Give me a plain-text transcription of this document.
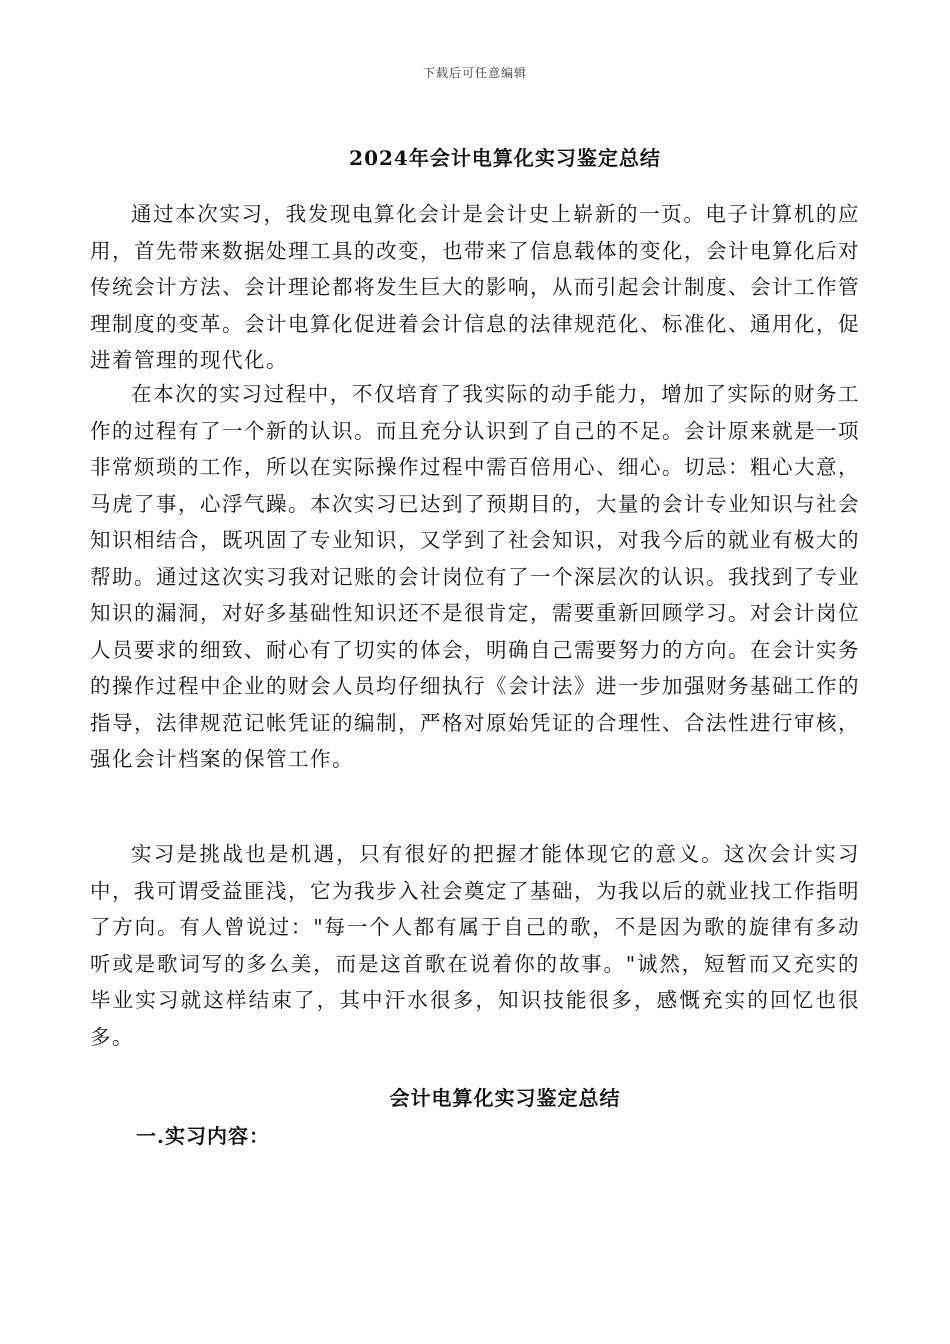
下载后可任意编辑
2024年会计电算化实习鉴定总结

通过本次实习，我发现电算化会计是会计史上崭新的一页。电子计算机的应用，首先带来数据处理工具的改变，也带来了信息载体的变化，会计电算化后对传统会计方法、会计理论都将发生巨大的影响，从而引起会计制度、会计工作管理制度的变革。会计电算化促进着会计信息的法律规范化、标准化、通用化，促进着管理的现代化。

在本次的实习过程中，不仅培育了我实际的动手能力，增加了实际的财务工作的过程有了一个新的认识。而且充分认识到了自己的不足。会计原来就是一项非常烦琐的工作，所以在实际操作过程中需百倍用心、细心。切忌：粗心大意，马虎了事，心浮气躁。本次实习已达到了预期目的，大量的会计专业知识与社会知识相结合，既巩固了专业知识，又学到了社会知识，对我今后的就业有极大的帮助。通过这次实习我对记账的会计岗位有了一个深层次的认识。我找到了专业知识的漏洞，对好多基础性知识还不是很肯定，需要重新回顾学习。对会计岗位人员要求的细致、耐心有了切实的体会，明确自己需要努力的方向。在会计实务的操作过程中企业的财会人员均仔细执行《会计法》进一步加强财务基础工作的指导，法律规范记帐凭证的编制，严格对原始凭证的合理性、合法性进行审核，强化会计档案的保管工作。

实习是挑战也是机遇，只有很好的把握才能体现它的意义。这次会计实习中，我可谓受益匪浅，它为我步入社会奠定了基础，为我以后的就业找工作指明了方向。有人曾说过："每一个人都有属于自己的歌，不是因为歌的旋律有多动听或是歌词写的多么美，而是这首歌在说着你的故事。"诚然，短暂而又充实的毕业实习就这样结束了，其中汗水很多，知识技能很多，感慨充实的回忆也很多。

会计电算化实习鉴定总结
一.实习内容：
